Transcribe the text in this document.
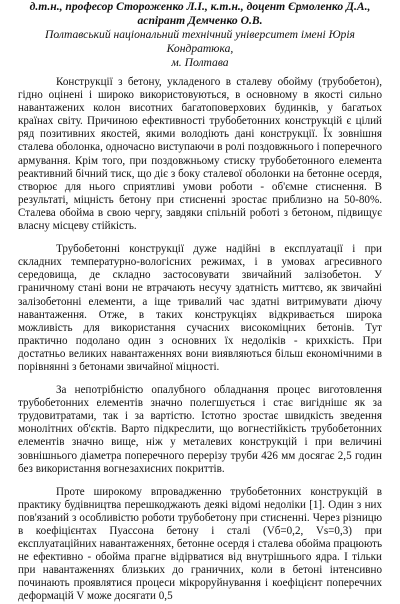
д.т.н., професор Стороженко Л.І., к.т.н., доцент Єрмоленко Д.А.,
аспірант Демченко О.В.
Полтавський національний технічний університет імені Юрія Кондратюка,
м. Полтава

Конструкції з бетону, укладеного в сталеву обойму (трубобетон), гідно оцінені і широко використовуються, в основному в якості сильно навантажених колон висотних багатоповерхових будинків, у багатьох країнах світу. Причиною ефективності трубобетонних конструкцій є цілий ряд позитивних якостей, якими володіють дані конструкції. Їх зовнішня сталева оболонка, одночасно виступаючи в ролі поздовжнього і поперечного армування. Крім того, при поздовжньому стиску трубобетонного елемента реактивний бічний тиск, що діє з боку сталевої оболонки на бетонне осердя, створює для нього сприятливі умови роботи - об'ємне стиснення. В результаті, міцність бетону при стисненні зростає приблизно на 50-80%. Сталева обойма в свою чергу, завдяки спільній роботі з бетоном, підвищує власну місцеву стійкість.

Трубобетонні конструкції дуже надійні в експлуатації і при складних температурно-вологісних режимах, і в умовах агресивного середовища, де складно застосовувати звичайний залізобетон. У граничному стані вони не втрачають несучу здатність миттєво, як звичайні залізобетонні елементи, а іще тривалий час здатні витримувати діючу навантаження. Отже, в таких конструкціях відкривається широка можливість для використання сучасних високоміцних бетонів. Тут практично подолано один з основних їх недоліків - крихкість. При достатньо великих навантаженнях вони виявляються більш економічними в порівнянні з бетонами звичайної міцності.

За непотрібністю опалубного обладнання процес виготовлення трубобетонних елементів значно полегшується і стає вигіднішє як за трудовитратами, так і за вартістю. Істотно зростає швидкість зведення монолітних об'єктів. Варто підкреслити, що вогнестійкість трубобетонних елементів значно вище, ніж у металевих конструкцій і при величині зовнішнього діаметра поперечного перерізу труби 426 мм досягає 2,5 годин без використання вогнезахисних покриттів.

Проте широкому впровадженню трубобетонних конструкцій в практику будівництва перешкоджають деякі відомі недоліки [1]. Один з них пов'язаний з особливістю роботи трубобетону при стисненні. Через різницю в коефіцієнтах Пуассона бетону і сталі (Vб=0,2, Vs=0,3) при експлуатаційних навантаженнях, бетонне осердя і сталева обойма працюють не ефективно - обойма прагне відірватися від внутрішнього ядра. І тільки при навантаженнях близьких до граничних, коли в бетоні інтенсивно починають проявлятися процеси мікроруйнування і коефіцієнт поперечних деформацій V може досягати 0,5
